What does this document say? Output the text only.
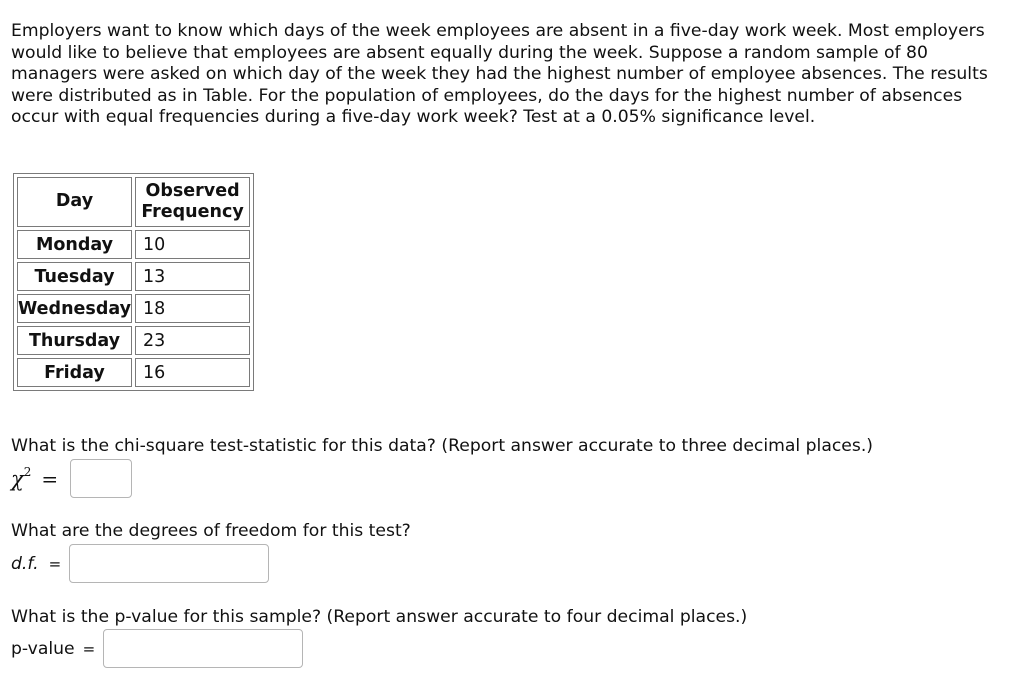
Employers want to know which days of the week employees are absent in a five-day work week. Most employers would like to believe that employees are absent equally during the week. Suppose a random sample of 80 managers were asked on which day of the week they had the highest number of employee absences. The results were distributed as in Table. For the population of employees, do the days for the highest number of absences occur with equal frequencies during a five-day work week? Test at a 0.05% significance level.

Day	Observed Frequency
Monday	10
Tuesday	13
Wednesday	18
Thursday	23
Friday	16

What is the chi-square test-statistic for this data? (Report answer accurate to three decimal places.)

$\chi^2$ =

What are the degrees of freedom for this test?

d.f. =

What is the p-value for this sample? (Report answer accurate to four decimal places.)

p-value =
